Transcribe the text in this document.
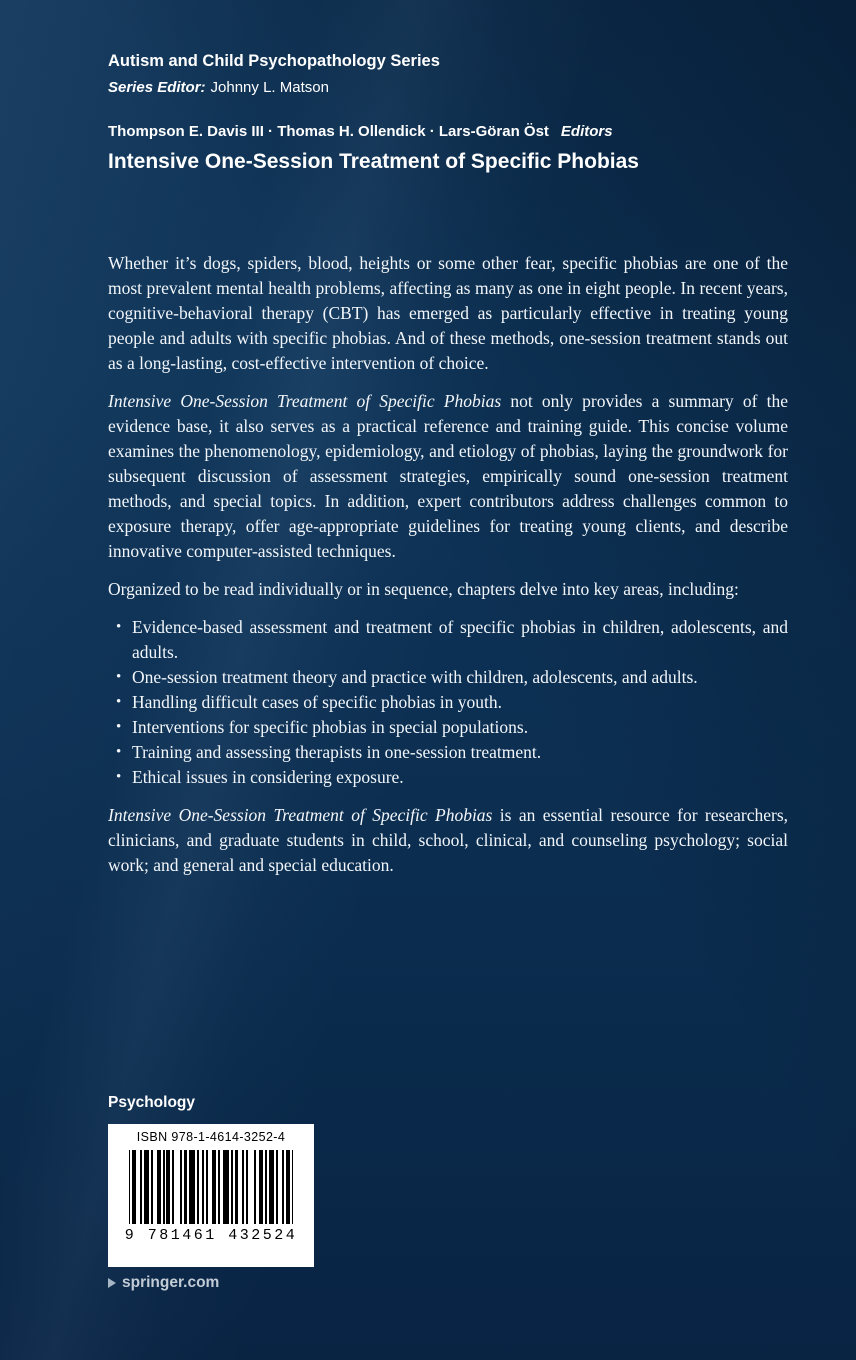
Autism and Child Psychopathology Series
Series Editor: Johnny L. Matson
Thompson E. Davis III · Thomas H. Ollendick · Lars-Göran Öst Editors
Intensive One-Session Treatment of Specific Phobias

Whether it’s dogs, spiders, blood, heights or some other fear, specific phobias are one of the most prevalent mental health problems, affecting as many as one in eight people. In recent years, cognitive-behavioral therapy (CBT) has emerged as particularly effective in treating young people and adults with specific phobias. And of these methods, one-session treatment stands out as a long-lasting, cost-effective intervention of choice.

Intensive One-Session Treatment of Specific Phobias not only provides a summary of the evidence base, it also serves as a practical reference and training guide. This concise volume examines the phenomenology, epidemiology, and etiology of phobias, laying the groundwork for subsequent discussion of assessment strategies, empirically sound one-session treatment methods, and special topics. In addition, expert contributors address challenges common to exposure therapy, offer age-appropriate guidelines for treating young clients, and describe innovative computer-assisted techniques.

Organized to be read individually or in sequence, chapters delve into key areas, including:

• Evidence-based assessment and treatment of specific phobias in children, adolescents, and adults.
• One-session treatment theory and practice with children, adolescents, and adults.
• Handling difficult cases of specific phobias in youth.
• Interventions for specific phobias in special populations.
• Training and assessing therapists in one-session treatment.
• Ethical issues in considering exposure.

Intensive One-Session Treatment of Specific Phobias is an essential resource for researchers, clinicians, and graduate students in child, school, clinical, and counseling psychology; social work; and general and special education.

Psychology
ISBN 978-1-4614-3252-4
9 781461 432524
springer.com
